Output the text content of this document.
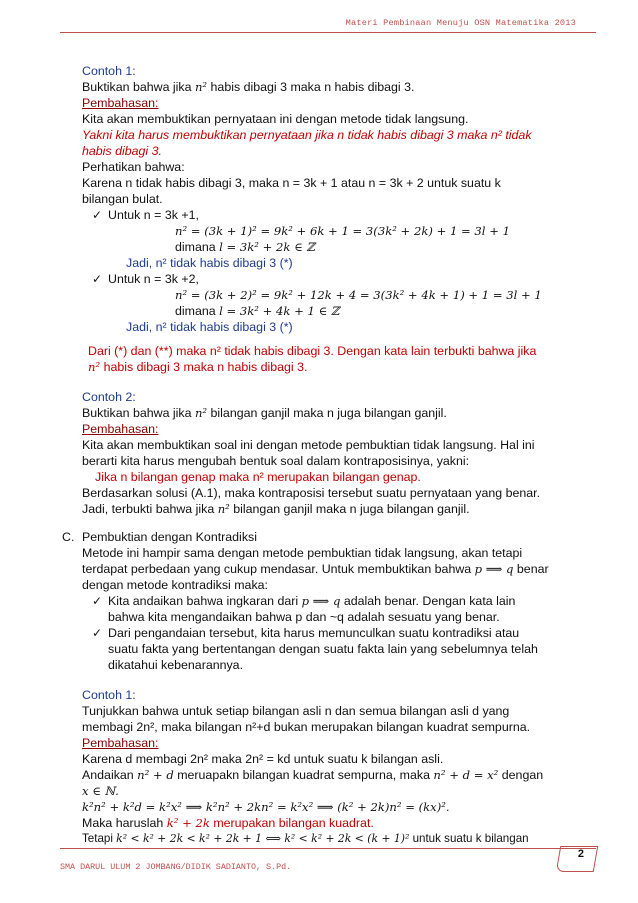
Materi Pembinaan Menuju OSN Matematika 2013
Contoh 1:
Buktikan bahwa jika n² habis dibagi 3 maka n habis dibagi 3.
Pembahasan:
Kita akan membuktikan pernyataan ini dengan metode tidak langsung.
Yakni kita harus membuktikan pernyataan jika n tidak habis dibagi 3 maka n² tidak
habis dibagi 3.
Perhatikan bahwa:
Karena n tidak habis dibagi 3, maka n = 3k + 1 atau n = 3k + 2 untuk suatu k
bilangan bulat.
✓ Untuk n = 3k +1,
n² = (3k + 1)² = 9k² + 6k + 1 = 3(3k² + 2k) + 1 = 3l + 1
dimana l = 3k² + 2k ∈ ℤ
Jadi, n² tidak habis dibagi 3 (*)
✓ Untuk n = 3k +2,
n² = (3k + 2)² = 9k² + 12k + 4 = 3(3k² + 4k + 1) + 1 = 3l + 1
dimana l = 3k² + 4k + 1 ∈ ℤ
Jadi, n² tidak habis dibagi 3 (*)
Dari (*) dan (**) maka n² tidak habis dibagi 3. Dengan kata lain terbukti bahwa jika
n² habis dibagi 3 maka n habis dibagi 3.
Contoh 2:
Buktikan bahwa jika n² bilangan ganjil maka n juga bilangan ganjil.
Pembahasan:
Kita akan membuktikan soal ini dengan metode pembuktian tidak langsung. Hal ini
berarti kita harus mengubah bentuk soal dalam kontraposisinya, yakni:
Jika n bilangan genap maka n² merupakan bilangan genap.
Berdasarkan solusi (A.1), maka kontraposisi tersebut suatu pernyataan yang benar.
Jadi, terbukti bahwa jika n² bilangan ganjil maka n juga bilangan ganjil.
C. Pembuktian dengan Kontradiksi
Metode ini hampir sama dengan metode pembuktian tidak langsung, akan tetapi
terdapat perbedaan yang cukup mendasar. Untuk membuktikan bahwa p ⟹ q benar
dengan metode kontradiksi maka:
✓ Kita andaikan bahwa ingkaran dari p ⟹ q adalah benar. Dengan kata lain
bahwa kita mengandaikan bahwa p dan ~q adalah sesuatu yang benar.
✓ Dari pengandaian tersebut, kita harus memunculkan suatu kontradiksi atau
suatu fakta yang bertentangan dengan suatu fakta lain yang sebelumnya telah
dikatahui kebenarannya.
Contoh 1:
Tunjukkan bahwa untuk setiap bilangan asli n dan semua bilangan asli d yang
membagi 2n², maka bilangan n²+d bukan merupakan bilangan kuadrat sempurna.
Pembahasan:
Karena d membagi 2n² maka 2n² = kd untuk suatu k bilangan asli.
Andaikan n² + d meruapakn bilangan kuadrat sempurna, maka n² + d = x² dengan
x ∈ ℕ.
k²n² + k²d = k²x² ⟹ k²n² + 2kn² = k²x² ⟹ (k² + 2k)n² = (kx)².
Maka haruslah k² + 2k merupakan bilangan kuadrat.
Tetapi k² < k² + 2k < k² + 2k + 1 ⟺ k² < k² + 2k < (k + 1)² untuk suatu k bilangan
2
SMA DARUL ULUM 2 JOMBANG/DIDIK SADIANTO, S.Pd.
